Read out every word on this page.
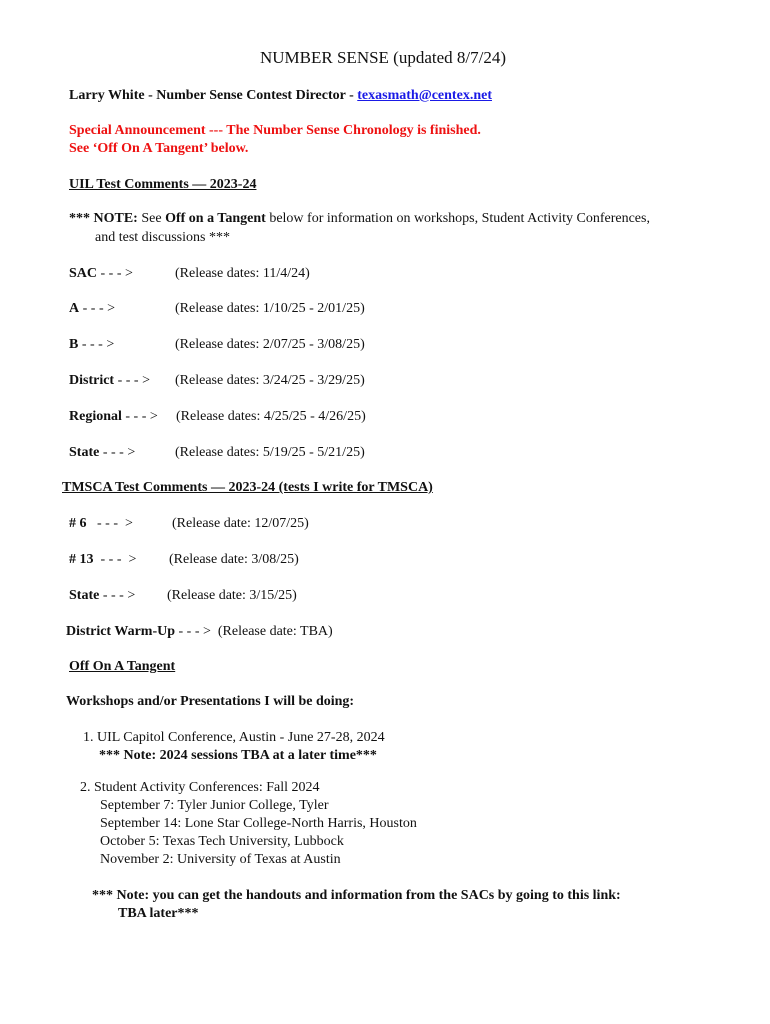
NUMBER SENSE (updated 8/7/24)
Larry White - Number Sense Contest Director - texasmath@centex.net
Special Announcement --- The Number Sense Chronology is finished.
See ‘Off On A Tangent’ below.
UIL Test Comments — 2023-24
*** NOTE: See Off on a Tangent below for information on workshops, Student Activity Conferences,
and test discussions ***
SAC - - - >	(Release dates: 11/4/24)
A - - - >	(Release dates: 1/10/25 - 2/01/25)
B - - - >	(Release dates: 2/07/25 - 3/08/25)
District - - - > (Release dates: 3/24/25 - 3/29/25)
Regional - - - > (Release dates: 4/25/25 - 4/26/25)
State - - - >	(Release dates: 5/19/25 - 5/21/25)
TMSCA Test Comments — 2023-24 (tests I write for TMSCA)
# 6   - - -  >	(Release date: 12/07/25)
# 13  - - -  > (Release date: 3/08/25)
State - - - > (Release date: 3/15/25)
District Warm-Up - - - >  (Release date: TBA)
Off On A Tangent
Workshops and/or Presentations I will be doing:
1. UIL Capitol Conference, Austin - June 27-28, 2024
*** Note: 2024 sessions TBA at a later time***
2. Student Activity Conferences: Fall 2024
September 7: Tyler Junior College, Tyler
September 14: Lone Star College-North Harris, Houston
October 5: Texas Tech University, Lubbock
November 2: University of Texas at Austin
*** Note: you can get the handouts and information from the SACs by going to this link:
TBA later***
